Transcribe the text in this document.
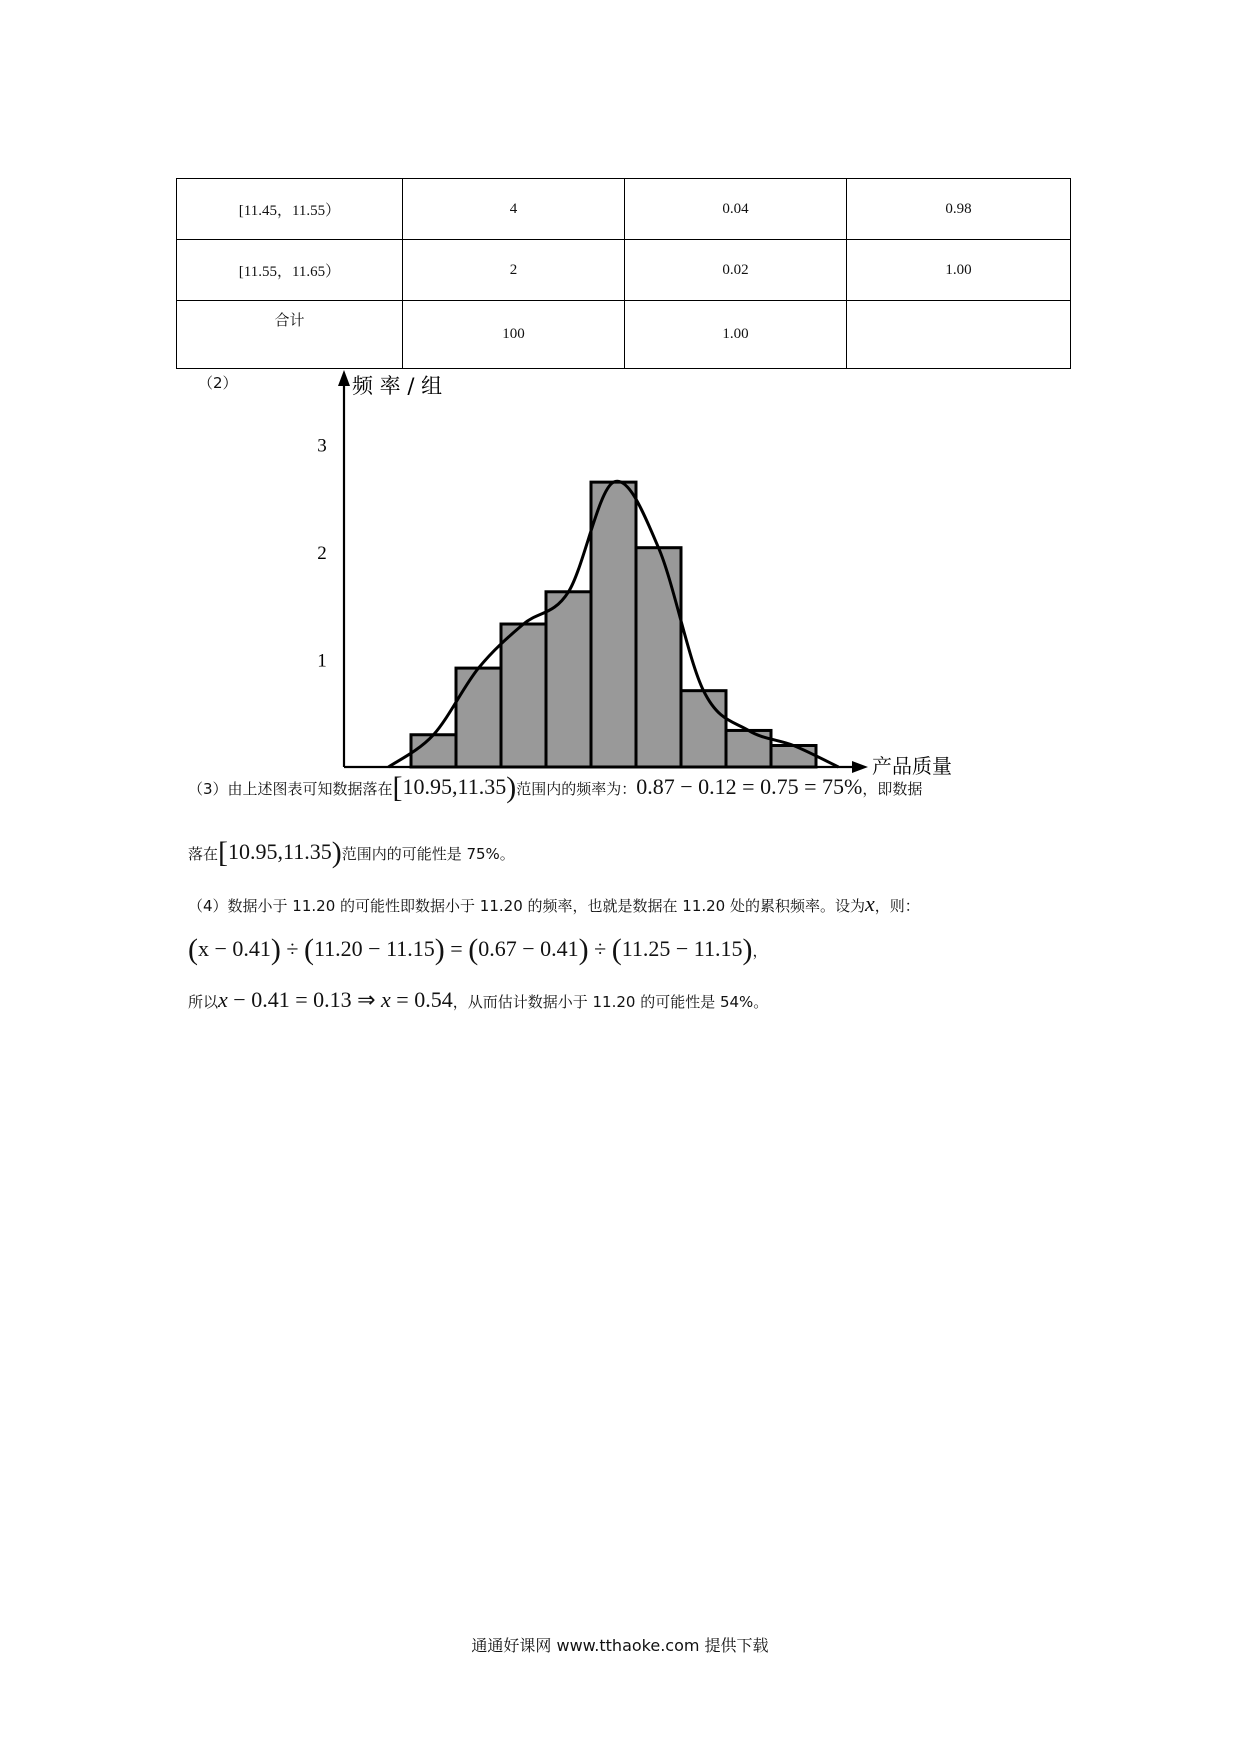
[11.45，11.55）	4	0.04	0.98
[11.55，11.65）	2	0.02	1.00
合计	100	1.00	
（2）	频 率 / 组
产品质量
1
2
3
（3）由上述图表可知数据落在[10.95,11.35)范围内的频率为：0.87 − 0.12 = 0.75 = 75%，即数据
落在[10.95,11.35)范围内的可能性是 75%。
（4）数据小于 11.20 的可能性即数据小于 11.20 的频率，也就是数据在 11.20 处的累积频率。设为x，则：
(x − 0.41) ÷ (11.20 − 11.15) = (0.67 − 0.41) ÷ (11.25 − 11.15)，
所以x − 0.41 = 0.13 ⇒ x = 0.54，从而估计数据小于 11.20 的可能性是 54%。
通通好课网 www.tthaoke.com 提供下载
